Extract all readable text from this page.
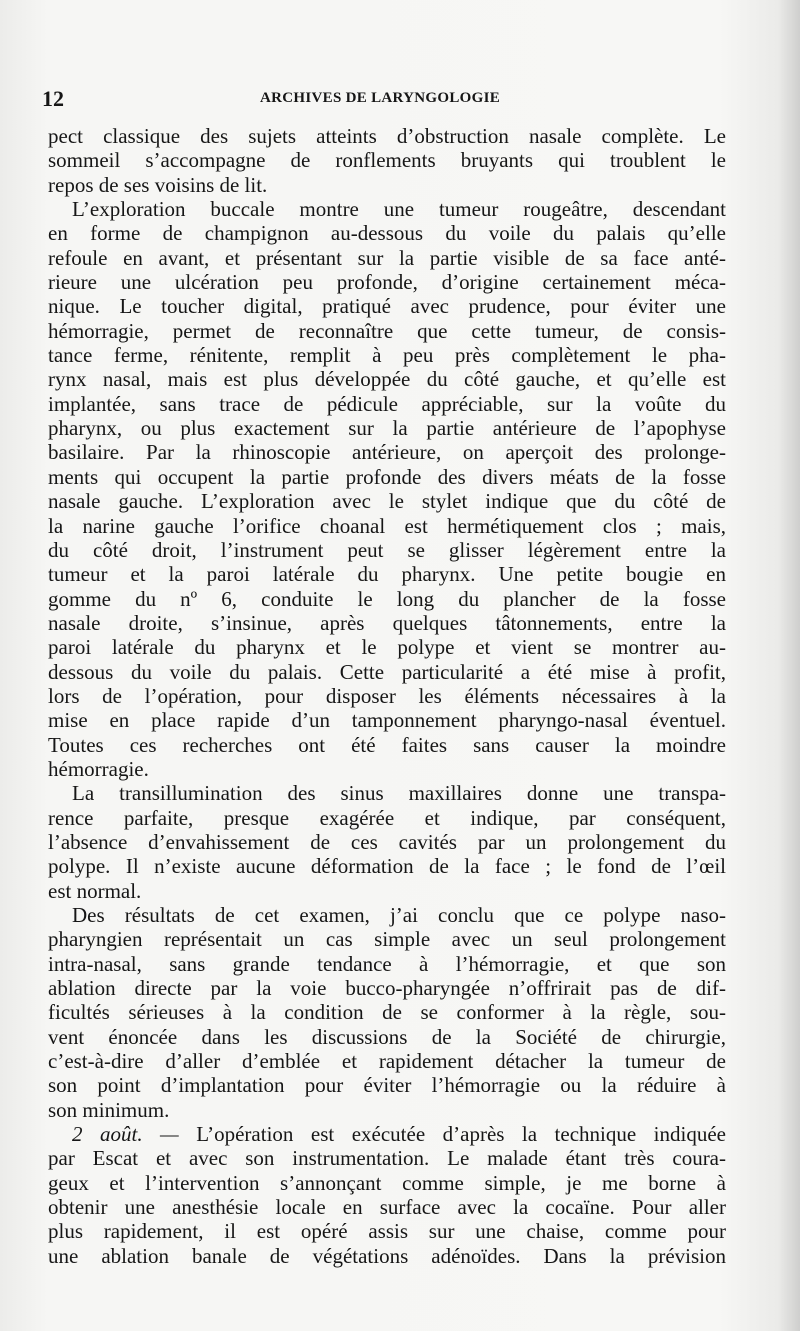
12	ARCHIVES DE LARYNGOLOGIE
pect classique des sujets atteints d’obstruction nasale complète. Le
sommeil s’accompagne de ronflements bruyants qui troublent le
repos de ses voisins de lit.
L’exploration buccale montre une tumeur rougeâtre, descendant
en forme de champignon au-dessous du voile du palais qu’elle
refoule en avant, et présentant sur la partie visible de sa face anté-
rieure une ulcération peu profonde, d’origine certainement méca-
nique. Le toucher digital, pratiqué avec prudence, pour éviter une
hémorragie, permet de reconnaître que cette tumeur, de consis-
tance ferme, rénitente, remplit à peu près complètement le pha-
rynx nasal, mais est plus développée du côté gauche, et qu’elle est
implantée, sans trace de pédicule appréciable, sur la voûte du
pharynx, ou plus exactement sur la partie antérieure de l’apophyse
basilaire. Par la rhinoscopie antérieure, on aperçoit des prolonge-
ments qui occupent la partie profonde des divers méats de la fosse
nasale gauche. L’exploration avec le stylet indique que du côté de
la narine gauche l’orifice choanal est hermétiquement clos ; mais,
du côté droit, l’instrument peut se glisser légèrement entre la
tumeur et la paroi latérale du pharynx. Une petite bougie en
gomme du nº 6, conduite le long du plancher de la fosse
nasale droite, s’insinue, après quelques tâtonnements, entre la
paroi latérale du pharynx et le polype et vient se montrer au-
dessous du voile du palais. Cette particularité a été mise à profit,
lors de l’opération, pour disposer les éléments nécessaires à la
mise en place rapide d’un tamponnement pharyngo-nasal éventuel.
Toutes ces recherches ont été faites sans causer la moindre
hémorragie.
La transillumination des sinus maxillaires donne une transpa-
rence parfaite, presque exagérée et indique, par conséquent,
l’absence d’envahissement de ces cavités par un prolongement du
polype. Il n’existe aucune déformation de la face ; le fond de l’œil
est normal.
Des résultats de cet examen, j’ai conclu que ce polype naso-
pharyngien représentait un cas simple avec un seul prolongement
intra-nasal, sans grande tendance à l’hémorragie, et que son
ablation directe par la voie bucco-pharyngée n’offrirait pas de dif-
ficultés sérieuses à la condition de se conformer à la règle, sou-
vent énoncée dans les discussions de la Société de chirurgie,
c’est-à-dire d’aller d’emblée et rapidement détacher la tumeur de
son point d’implantation pour éviter l’hémorragie ou la réduire à
son minimum.
2 août. — L’opération est exécutée d’après la technique indiquée
par Escat et avec son instrumentation. Le malade étant très coura-
geux et l’intervention s’annonçant comme simple, je me borne à
obtenir une anesthésie locale en surface avec la cocaïne. Pour aller
plus rapidement, il est opéré assis sur une chaise, comme pour
une ablation banale de végétations adénoïdes. Dans la prévision
